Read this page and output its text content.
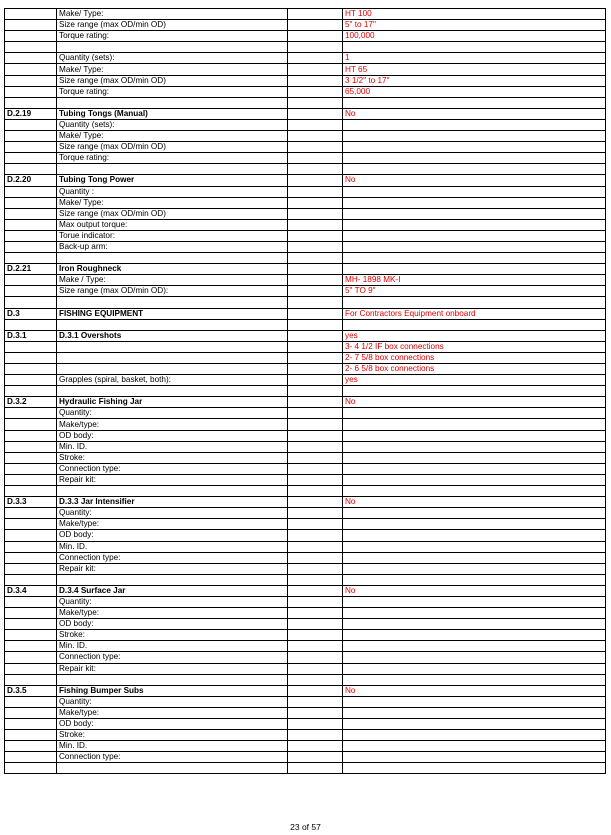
	Make/ Type:		HT 100
	Size range (max OD/min OD)		5" to 17"
	Torque rating:		100,000

	Quantity (sets):		1
	Make/ Type:		HT 65
	Size range (max OD/min OD)		3 1/2" to 17"
	Torque rating:		65,000

D.2.19	Tubing Tongs (Manual)		No
	Quantity (sets):		
	Make/ Type:		
	Size range (max OD/min OD)		
	Torque rating:		

D.2.20	Tubing Tong Power		No
	Quantity :		
	Make/ Type:		
	Size range (max OD/min OD)		
	Max output torque:		
	Torue indicator:		
	Back-up arm:		

D.2.21	Iron Roughneck		
	Make / Type:		MH- 1898 MK-I
	Size range (max OD/min OD):		5" TO 9"

D.3	FISHING EQUIPMENT		For Contractors Equipment onboard

D.3.1	D.3.1 Overshots		yes
			3- 4 1/2 IF box connections
			2- 7 5/8 box connections
			2- 6 5/8 box connections
	Grapples (spiral, basket, both):		yes

D.3.2	Hydraulic Fishing Jar		No
	Quantity:		
	Make/type:		
	OD body:		
	Min. ID.		
	Stroke:		
	Connection type:		
	Repair kit:		

D.3.3	D.3.3 Jar Intensifier		No
	Quantity:		
	Make/type:		
	OD body:		
	Min. ID.		
	Connection type:		
	Repair kit:		

D.3.4	D.3.4 Surface Jar		No
	Quantity:		
	Make/type:		
	OD body:		
	Stroke:		
	Min. ID.		
	Connection type:		
	Repair kit:		

D.3.5	Fishing Bumper Subs		No
	Quantity:		
	Make/type:		
	OD body:		
	Stroke:		
	Min. ID.		
	Connection type:		

23 of 57
